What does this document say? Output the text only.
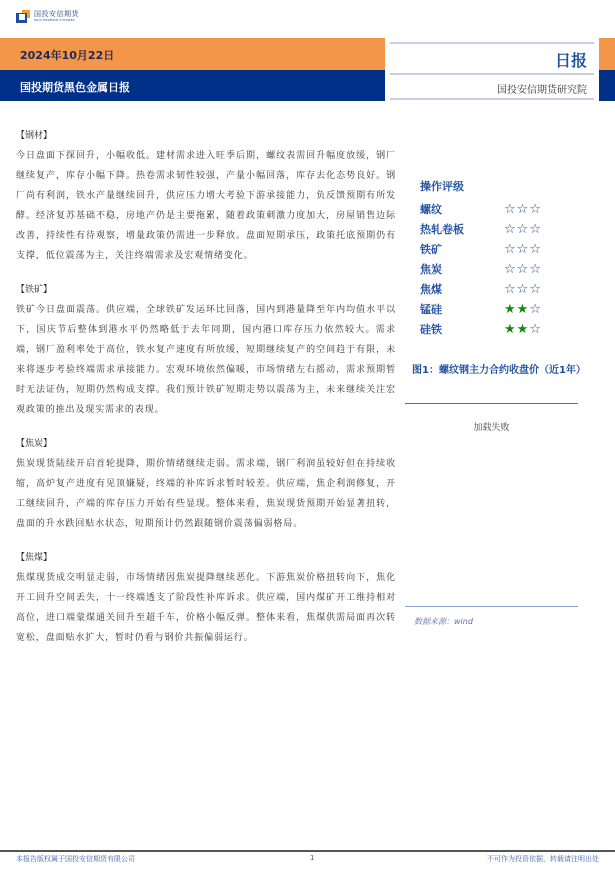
国投安信期货
SDIC ESSENCE FUTURES
2024年10月22日
国投期货黑色金属日报
日报
国投安信期货研究院
【钢材】
今日盘面下探回升，小幅收低。建材需求进入旺季后期，螺纹表需回升幅度放缓，钢厂继续复产，库存小幅下降。热卷需求韧性较强，产量小幅回落，库存去化态势良好。钢厂尚有利润，铁水产量继续回升，供应压力增大考验下游承接能力，负反馈预期有所发酵。经济复苏基础不稳，房地产仍是主要拖累，随着政策刺激力度加大，房屋销售边际改善，持续性有待观察，增量政策仍需进一步释放。盘面短期承压，政策托底预期仍有支撑，低位震荡为主，关注终端需求及宏观情绪变化。
【铁矿】
铁矿今日盘面震荡。供应端，全球铁矿发运环比回落，国内到港量降至年内均值水平以下，国庆节后整体到港水平仍然略低于去年同期，国内港口库存压力依然较大。需求端，钢厂盈利率处于高位，铁水复产速度有所放缓，短期继续复产的空间趋于有限，未来将逐步考验终端需求承接能力。宏观环境依然偏暖，市场情绪左右摇动，需求预期暂时无法证伪，短期仍然构成支撑。我们预计铁矿短期走势以震荡为主，未来继续关注宏观政策的推出及现实需求的表现。
【焦炭】
焦炭现货陆续开启首轮提降，期价情绪继续走弱。需求端，钢厂利润虽较好但在持续收缩，高炉复产进度有见顶嫌疑，终端的补库诉求暂时较差。供应端，焦企利润修复，开工继续回升，产端的库存压力开始有些显现。整体来看，焦炭现货预期开始显著扭转，盘面的升水跌回贴水状态，短期预计仍然跟随钢价震荡偏弱格局。
【焦煤】
焦煤现货成交明显走弱，市场情绪因焦炭提降继续恶化。下游焦炭价格扭转向下，焦化开工回升空间丢失，十一终端透支了阶段性补库诉求。供应端，国内煤矿开工维持相对高位，进口端蒙煤通关回升至超千车，价格小幅反弹。整体来看，焦煤供需局面再次转宽松，盘面贴水扩大，暂时仍看与钢价共振偏弱运行。
操作评级
螺纹	☆ ☆ ☆
热轧卷板	☆ ☆ ☆
铁矿	☆ ☆ ☆
焦炭	☆ ☆ ☆
焦煤	☆ ☆ ☆
锰硅	★ ★ ☆
硅铁	★ ★ ☆
图1：螺纹钢主力合约收盘价（近1年）
加载失败
数据来源：wind
本报告版权属于国投安信期货有限公司	1	不可作为投资依据，转载请注明出处
